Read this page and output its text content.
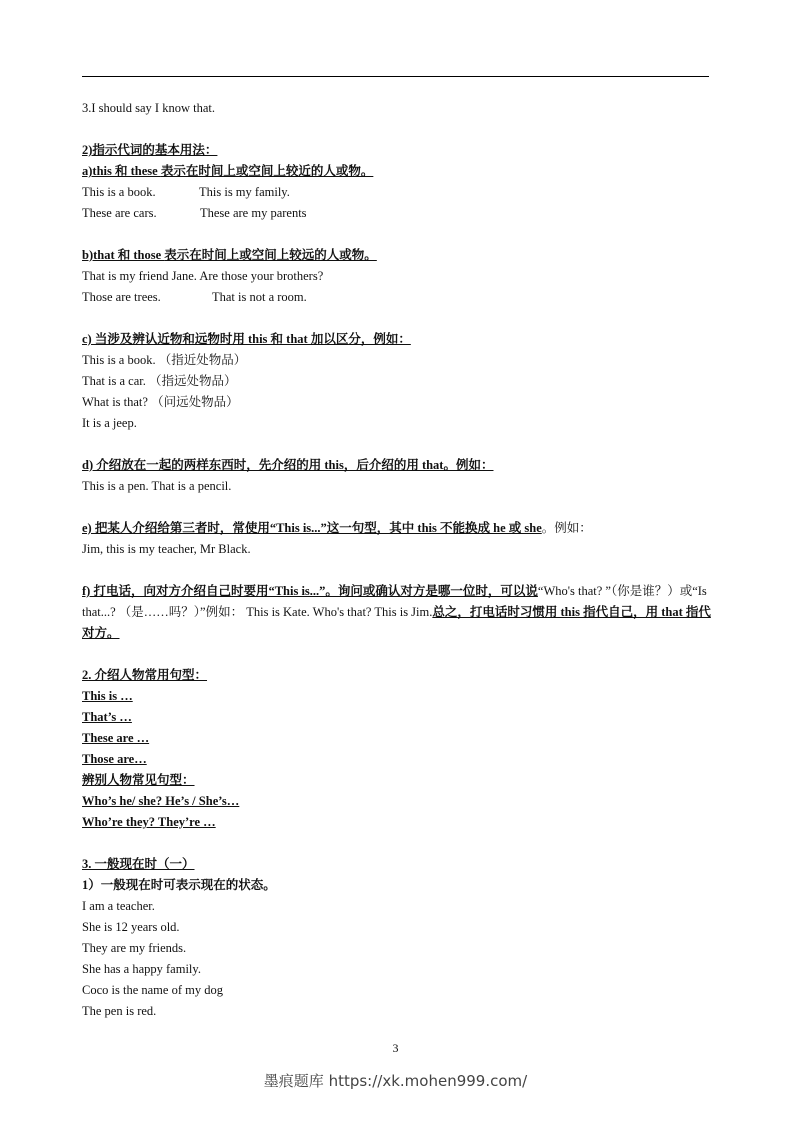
3.I should say I know that.
2)指示代词的基本用法：
a)this 和 these 表示在时间上或空间上较近的人或物。
This is a book.	This is my family.
These are cars.	These are my parents
b)that 和 those 表示在时间上或空间上较远的人或物。
That is my friend Jane. Are those your brothers?
Those are trees.	That is not a room.
c) 当涉及辨认近物和远物时用 this 和 that 加以区分，例如：
This is a book. （指近处物品）
That is a car. （指远处物品）
What is that? （问远处物品）
It is a jeep.
d) 介绍放在一起的两样东西时，先介绍的用 this，后介绍的用 that。例如：
This is a pen. That is a pencil.
e) 把某人介绍给第三者时，常使用“This is...”这一句型，其中 this 不能换成 he 或 she。例如：
Jim, this is my teacher, Mr Black.
f) 打电话，向对方介绍自己时要用“This is...”。询问或确认对方是哪一位时，可以说“Who's that? ”（你是谁？）或“Is that...? （是……吗？）”例如： This is Kate. Who's that? This is Jim.总之，打电话时习惯用 this 指代自己，用 that 指代对方。
2. 介绍人物常用句型：
This is …
That’s …
These are …
Those are…
辨别人物常见句型：
Who’s he/ she? He’s / She’s…
Who’re they? They’re …
3. 一般现在时（一）
1）一般现在时可表示现在的状态。
I am a teacher.
She is 12 years old.
They are my friends.
She has a happy family.
Coco is the name of my dog
The pen is red.
3
墨痕题库 https://xk.mohen999.com/
